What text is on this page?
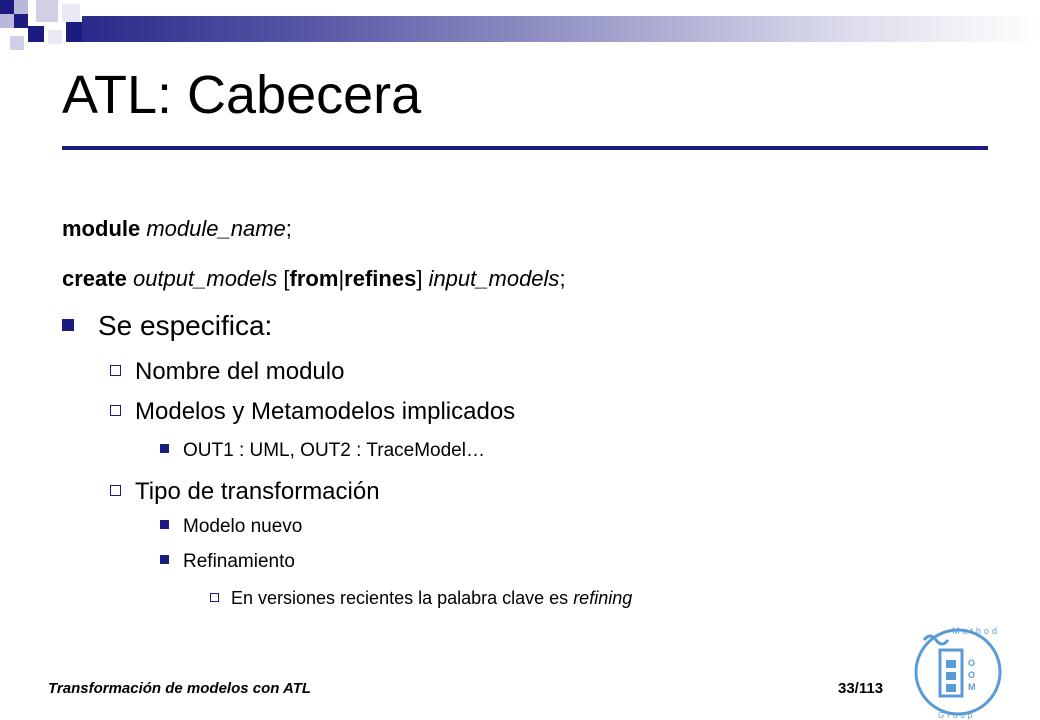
ATL: Cabecera
module module_name;
create output_models [from|refines] input_models;
Se especifica:
Nombre del modulo
Modelos y Metamodelos implicados
OUT1 : UML, OUT2 : TraceModel…
Tipo de transformación
Modelo nuevo
Refinamiento
En versiones recientes la palabra clave es refining
Transformación de modelos con ATL	33/113
O
O
M
Method
Group
